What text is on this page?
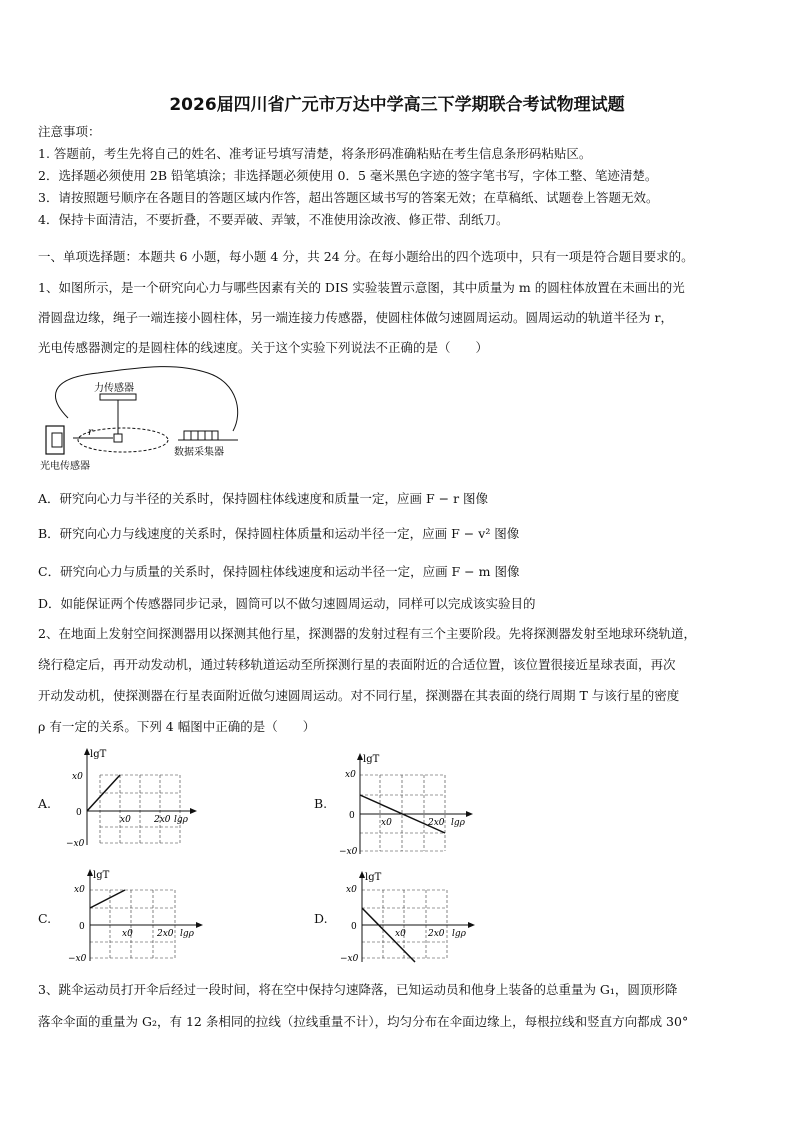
2026届四川省广元市万达中学高三下学期联合考试物理试题
注意事项：
1. 答题前，考生先将自己的姓名、准考证号填写清楚，将条形码准确粘贴在考生信息条形码粘贴区。
2．选择题必须使用 2B 铅笔填涂；非选择题必须使用 0．5 毫米黑色字迹的签字笔书写，字体工整、笔迹清楚。
3．请按照题号顺序在各题目的答题区域内作答，超出答题区域书写的答案无效；在草稿纸、试题卷上答题无效。
4．保持卡面清洁，不要折叠，不要弄破、弄皱，不准使用涂改液、修正带、刮纸刀。
一、单项选择题：本题共 6 小题，每小题 4 分，共 24 分。在每小题给出的四个选项中，只有一项是符合题目要求的。
1、如图所示，是一个研究向心力与哪些因素有关的 DIS 实验装置示意图，其中质量为 m 的圆柱体放置在未画出的光
滑圆盘边缘，绳子一端连接小圆柱体，另一端连接力传感器，使圆柱体做匀速圆周运动。圆周运动的轨道半径为 r，
光电传感器测定的是圆柱体的线速度。关于这个实验下列说法不正确的是（　　）
力传感器
r
光电传感器
数据采集器
A．研究向心力与半径的关系时，保持圆柱体线速度和质量一定，应画 F − r 图像
B．研究向心力与线速度的关系时，保持圆柱体质量和运动半径一定，应画 F − v² 图像
C．研究向心力与质量的关系时，保持圆柱体线速度和运动半径一定，应画 F − m 图像
D．如能保证两个传感器同步记录，圆筒可以不做匀速圆周运动，同样可以完成该实验目的
2、在地面上发射空间探测器用以探测其他行星，探测器的发射过程有三个主要阶段。先将探测器发射至地球环绕轨道，
绕行稳定后，再开动发动机，通过转移轨道运动至所探测行星的表面附近的合适位置，该位置很接近星球表面，再次
开动发动机，使探测器在行星表面附近做匀速圆周运动。对不同行星，探测器在其表面的绕行周期 T 与该行星的密度
ρ 有一定的关系。下列 4 幅图中正确的是（　　）
A.	B.
C.	D.
lgT
x0
0
−x0
x0	2x0 lgρ
lgT
x0
0
−x0
x0	2x0 lgρ
lgT
x0
0
−x0
x0	2x0 lgρ
lgT
x0
0
−x0
x0 2x0 lgρ
3、跳伞运动员打开伞后经过一段时间，将在空中保持匀速降落，已知运动员和他身上装备的总重量为 G₁，圆顶形降
落伞伞面的重量为 G₂，有 12 条相同的拉线（拉线重量不计），均匀分布在伞面边缘上，每根拉线和竖直方向都成 30°
